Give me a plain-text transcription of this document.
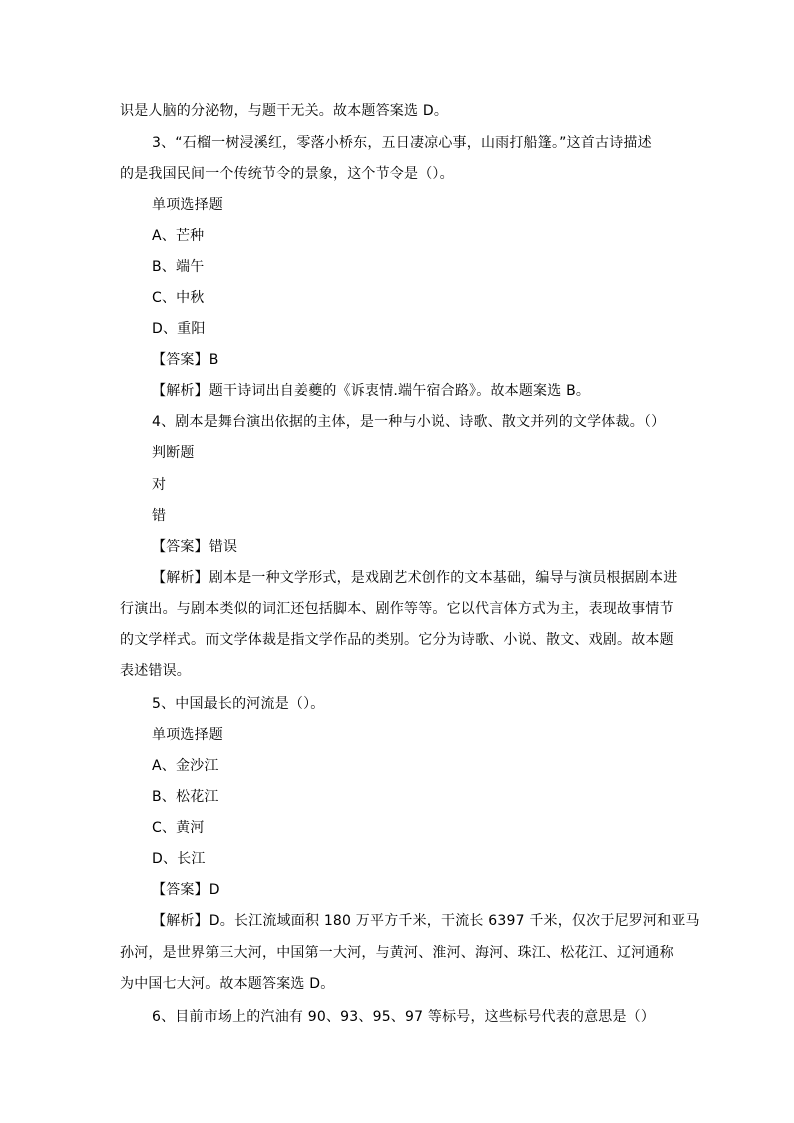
识是人脑的分泌物，与题干无关。故本题答案选 D。
3、“石榴一树浸溪红，零落小桥东，五日凄凉心事，山雨打船篷。”这首古诗描述
的是我国民间一个传统节令的景象，这个节令是（）。
单项选择题
A、芒种
B、端午
C、中秋
D、重阳
【答案】B
【解析】题干诗词出自姜夔的《诉衷情.端午宿合路》。故本题案选 B。
4、剧本是舞台演出依据的主体，是一种与小说、诗歌、散文并列的文学体裁。（）
判断题
对
错
【答案】错误
【解析】剧本是一种文学形式，是戏剧艺术创作的文本基础，编导与演员根据剧本进
行演出。与剧本类似的词汇还包括脚本、剧作等等。它以代言体方式为主，表现故事情节
的文学样式。而文学体裁是指文学作品的类别。它分为诗歌、小说、散文、戏剧。故本题
表述错误。
5、中国最长的河流是（）。
单项选择题
A、金沙江
B、松花江
C、黄河
D、长江
【答案】D
【解析】D。长江流域面积 180 万平方千米，干流长 6397 千米，仅次于尼罗河和亚马
孙河，是世界第三大河，中国第一大河，与黄河、淮河、海河、珠江、松花江、辽河通称
为中国七大河。故本题答案选 D。
6、目前市场上的汽油有 90、93、95、97 等标号，这些标号代表的意思是（）
